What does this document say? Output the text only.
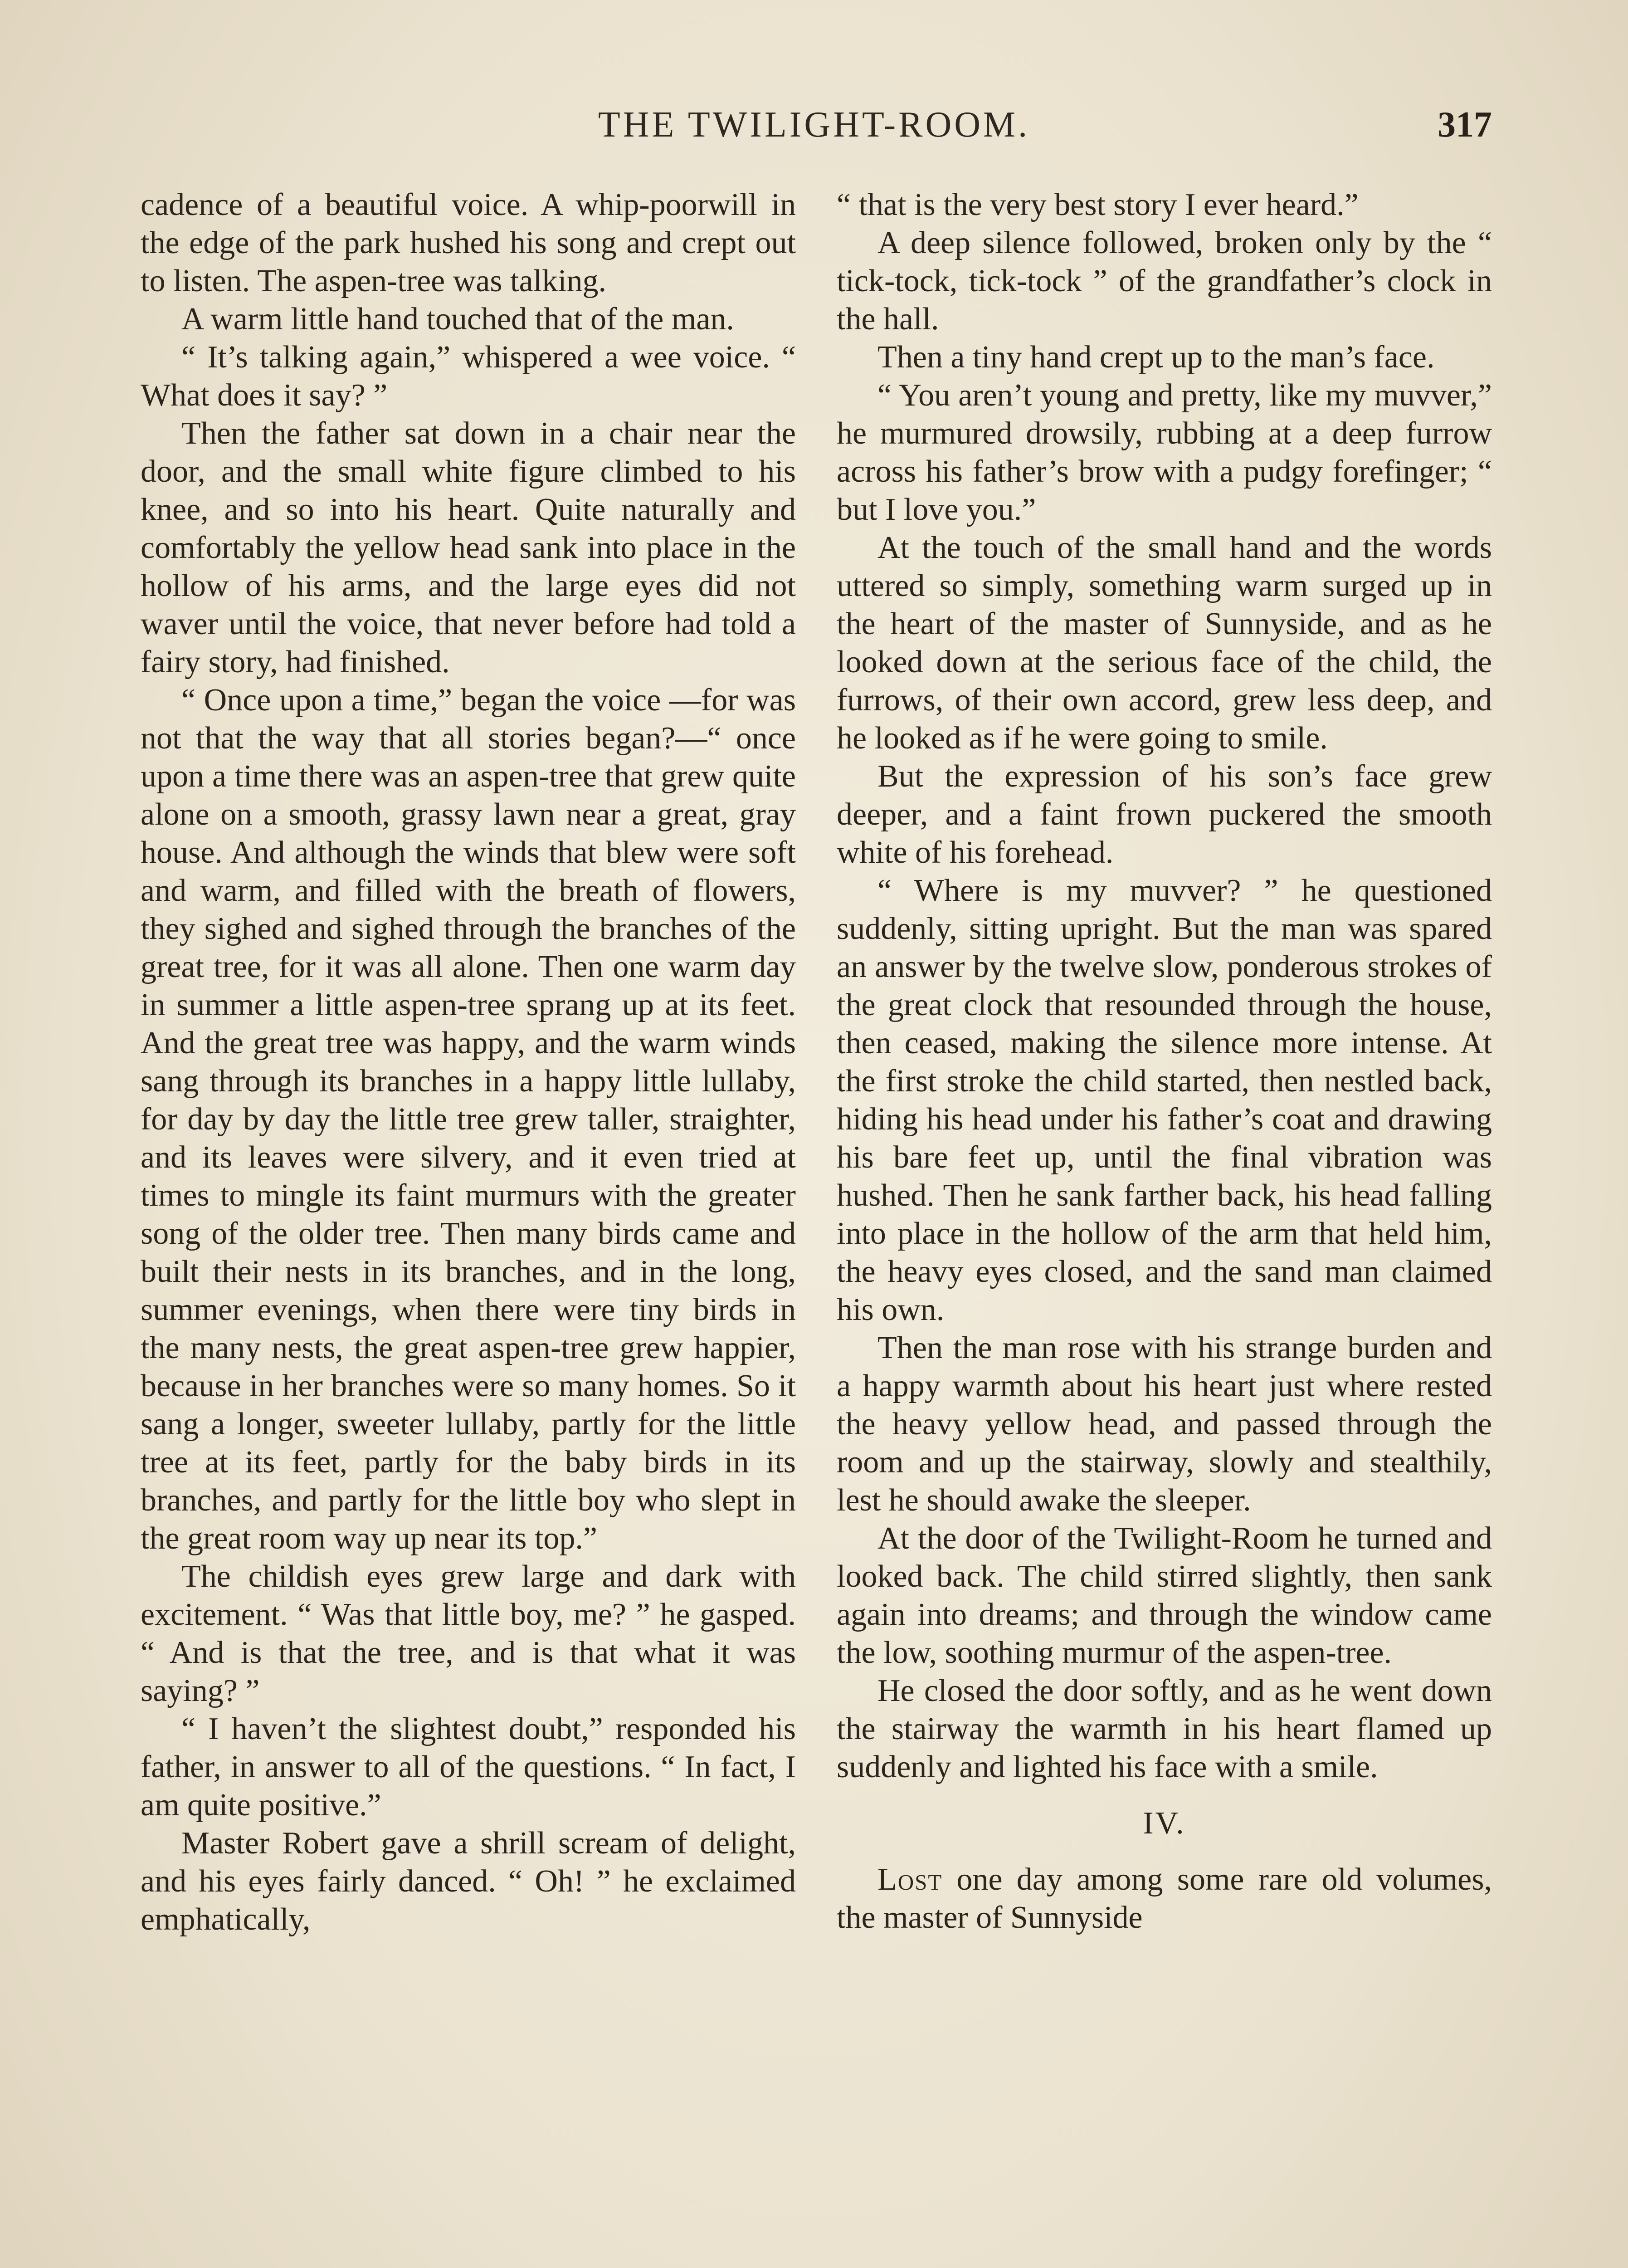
THE TWILIGHT-ROOM.	317

cadence of a beautiful voice. A whip-poorwill in the edge of the park hushed his song and crept out to listen. The aspen-tree was talking.

A warm little hand touched that of the man.

“ It’s talking again,” whispered a wee voice. “ What does it say? ”

Then the father sat down in a chair near the door, and the small white figure climbed to his knee, and so into his heart. Quite naturally and comfortably the yellow head sank into place in the hollow of his arms, and the large eyes did not waver until the voice, that never before had told a fairy story, had finished.

“ Once upon a time,” began the voice —for was not that the way that all stories began?—“ once upon a time there was an aspen-tree that grew quite alone on a smooth, grassy lawn near a great, gray house. And although the winds that blew were soft and warm, and filled with the breath of flowers, they sighed and sighed through the branches of the great tree, for it was all alone. Then one warm day in summer a little aspen-tree sprang up at its feet. And the great tree was happy, and the warm winds sang through its branches in a happy little lullaby, for day by day the little tree grew taller, straighter, and its leaves were silvery, and it even tried at times to mingle its faint murmurs with the greater song of the older tree. Then many birds came and built their nests in its branches, and in the long, summer evenings, when there were tiny birds in the many nests, the great aspen-tree grew happier, because in her branches were so many homes. So it sang a longer, sweeter lullaby, partly for the little tree at its feet, partly for the baby birds in its branches, and partly for the little boy who slept in the great room way up near its top.”

The childish eyes grew large and dark with excitement. “ Was that little boy, me? ” he gasped. “ And is that the tree, and is that what it was saying? ”

“ I haven’t the slightest doubt,” responded his father, in answer to all of the questions. “ In fact, I am quite positive.”

Master Robert gave a shrill scream of delight, and his eyes fairly danced. “ Oh! ” he exclaimed emphatically,

“ that is the very best story I ever heard.”

A deep silence followed, broken only by the “ tick-tock, tick-tock ” of the grandfather’s clock in the hall.

Then a tiny hand crept up to the man’s face.

“ You aren’t young and pretty, like my muvver,” he murmured drowsily, rubbing at a deep furrow across his father’s brow with a pudgy forefinger; “ but I love you.”

At the touch of the small hand and the words uttered so simply, something warm surged up in the heart of the master of Sunnyside, and as he looked down at the serious face of the child, the furrows, of their own accord, grew less deep, and he looked as if he were going to smile.

But the expression of his son’s face grew deeper, and a faint frown puckered the smooth white of his forehead.

“ Where is my muvver? ” he questioned suddenly, sitting upright. But the man was spared an answer by the twelve slow, ponderous strokes of the great clock that resounded through the house, then ceased, making the silence more intense. At the first stroke the child started, then nestled back, hiding his head under his father’s coat and drawing his bare feet up, until the final vibration was hushed. Then he sank farther back, his head falling into place in the hollow of the arm that held him, the heavy eyes closed, and the sand man claimed his own.

Then the man rose with his strange burden and a happy warmth about his heart just where rested the heavy yellow head, and passed through the room and up the stairway, slowly and stealthily, lest he should awake the sleeper.

At the door of the Twilight-Room he turned and looked back. The child stirred slightly, then sank again into dreams; and through the window came the low, soothing murmur of the aspen-tree.

He closed the door softly, and as he went down the stairway the warmth in his heart flamed up suddenly and lighted his face with a smile.

IV.

Lost one day among some rare old volumes, the master of Sunnyside
